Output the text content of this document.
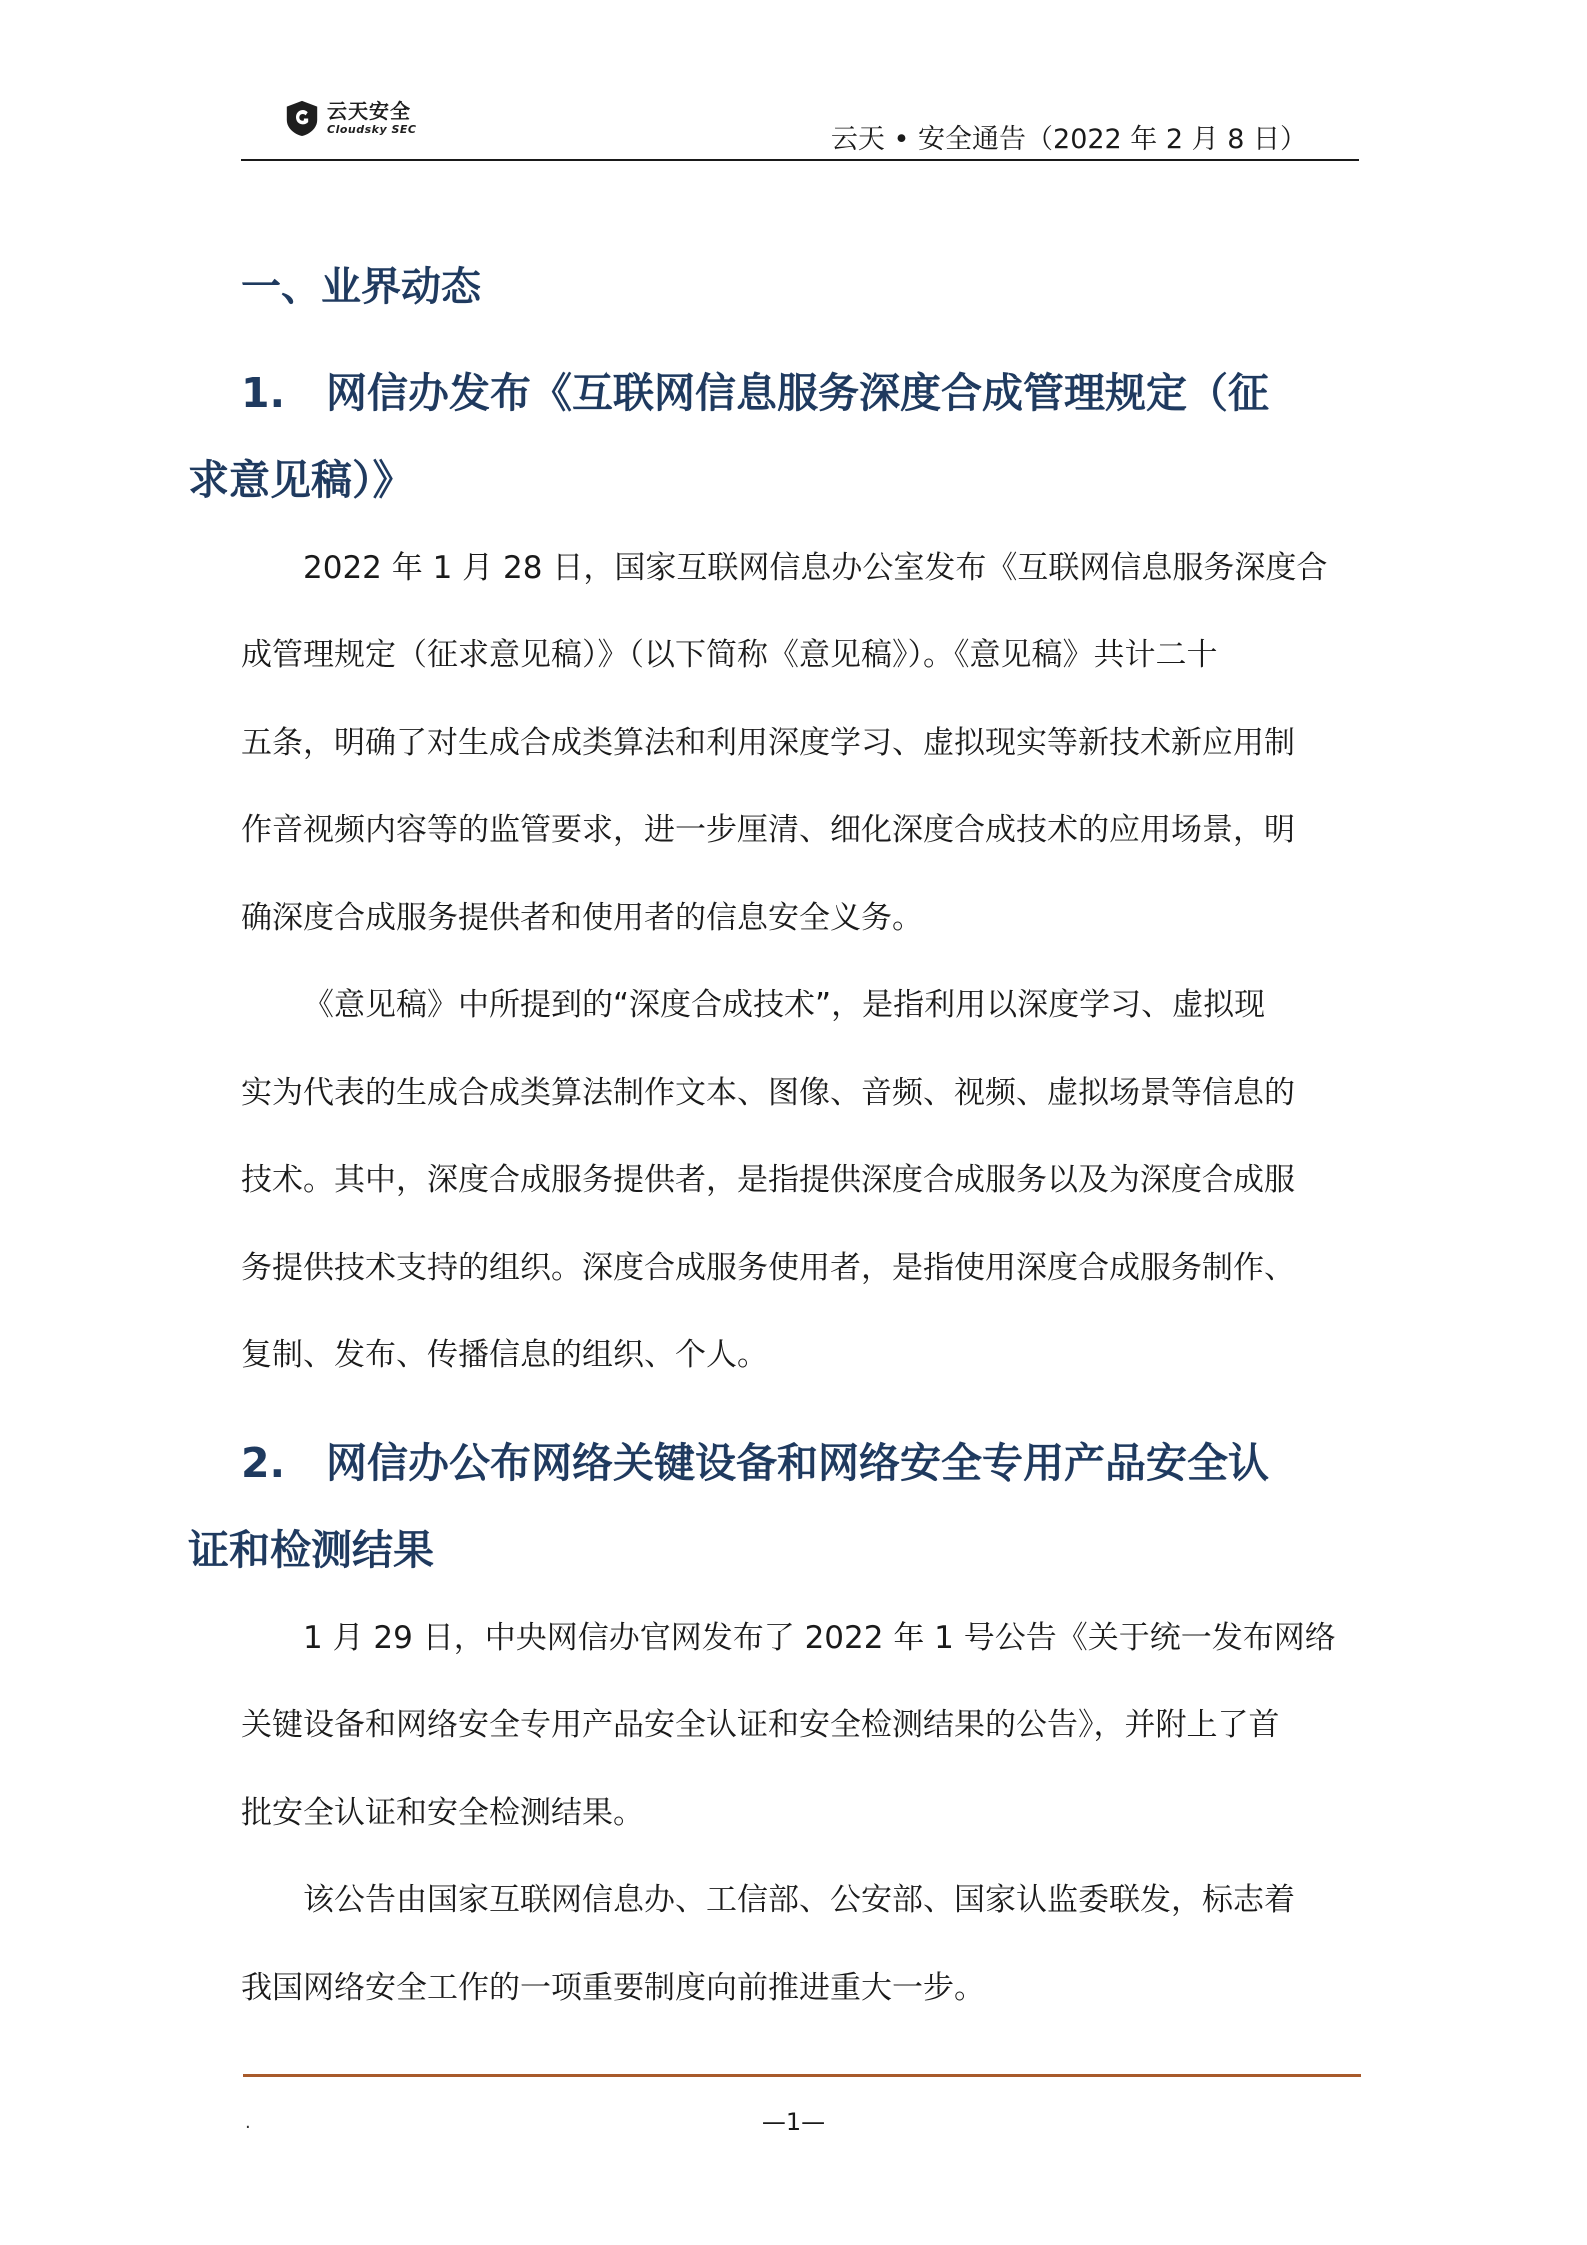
云天安全
Cloudsky SEC	云天 • 安全通告（2022 年 2 月 8 日）
一、业界动态
1. 网信办发布《互联网信息服务深度合成管理规定（征
求意见稿）》
2022 年 1 月 28 日，国家互联网信息办公室发布《互联网信息服务深度合
成管理规定（征求意见稿）》（以下简称《意见稿》）。《意见稿》共计二十
五条，明确了对生成合成类算法和利用深度学习、虚拟现实等新技术新应用制
作音视频内容等的监管要求，进一步厘清、细化深度合成技术的应用场景，明
确深度合成服务提供者和使用者的信息安全义务。
《意见稿》中所提到的“深度合成技术”，是指利用以深度学习、虚拟现
实为代表的生成合成类算法制作文本、图像、音频、视频、虚拟场景等信息的
技术。其中，深度合成服务提供者，是指提供深度合成服务以及为深度合成服
务提供技术支持的组织。深度合成服务使用者，是指使用深度合成服务制作、
复制、发布、传播信息的组织、个人。
2. 网信办公布网络关键设备和网络安全专用产品安全认
证和检测结果
1 月 29 日，中央网信办官网发布了 2022 年 1 号公告《关于统一发布网络
关键设备和网络安全专用产品安全认证和安全检测结果的公告》，并附上了首
批安全认证和安全检测结果。
该公告由国家互联网信息办、工信部、公安部、国家认监委联发，标志着
我国网络安全工作的一项重要制度向前推进重大一步。
.	—1—
